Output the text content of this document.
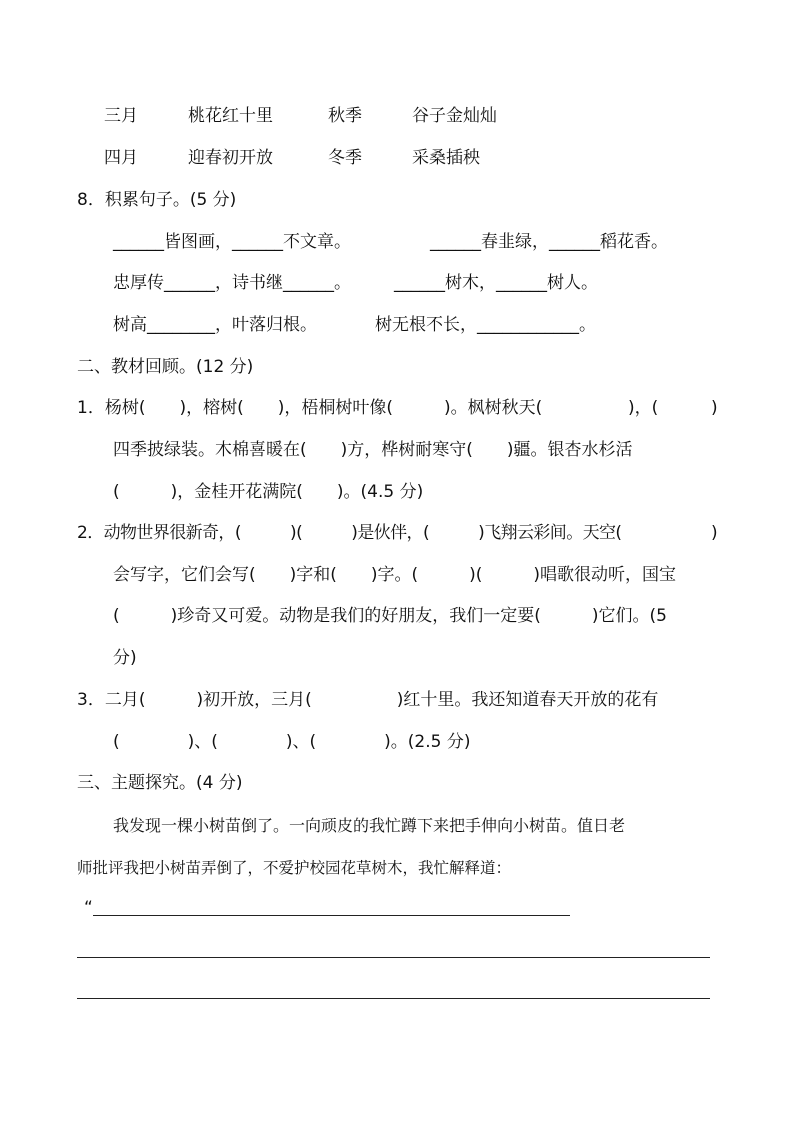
三月	桃花红十里	秋季	谷子金灿灿
四月	迎春初开放	冬季	采桑插秧
8．积累句子。(5 分)
______皆图画，______不文章。	______春韭绿，______稻花香。
忠厚传______，诗书继______。	______树木，______树人。
树高________，叶落归根。	树无根不长，____________。
二、教材回顾。(12 分)
1．杨树(　　)，榕树(　　)，梧桐树叶像(　　　)。枫树秋天(	)，(	)
四季披绿装。木棉喜暖在(　　)方，桦树耐寒守(　　)疆。银杏水杉活
(　　　)，金桂开花满院(　　)。(4.5 分)
2．动物世界很新奇，(　　　)(　　　)是伙伴，(　　　)飞翔云彩间。天空(	)
会写字，它们会写(　　)字和(　　)字。(　　　)(　　　)唱歌很动听，国宝
(　　　)珍奇又可爱。动物是我们的好朋友，我们一定要(　　　)它们。(5
分)
3．二月(　　　)初开放，三月(　　　　　)红十里。我还知道春天开放的花有
(　　　　)、(　　　　)、(　　　　)。(2.5 分)
三、主题探究。(4 分)
我发现一棵小树苗倒了。一向顽皮的我忙蹲下来把手伸向小树苗。值日老
师批评我把小树苗弄倒了，不爱护校园花草树木，我忙解释道：
“
